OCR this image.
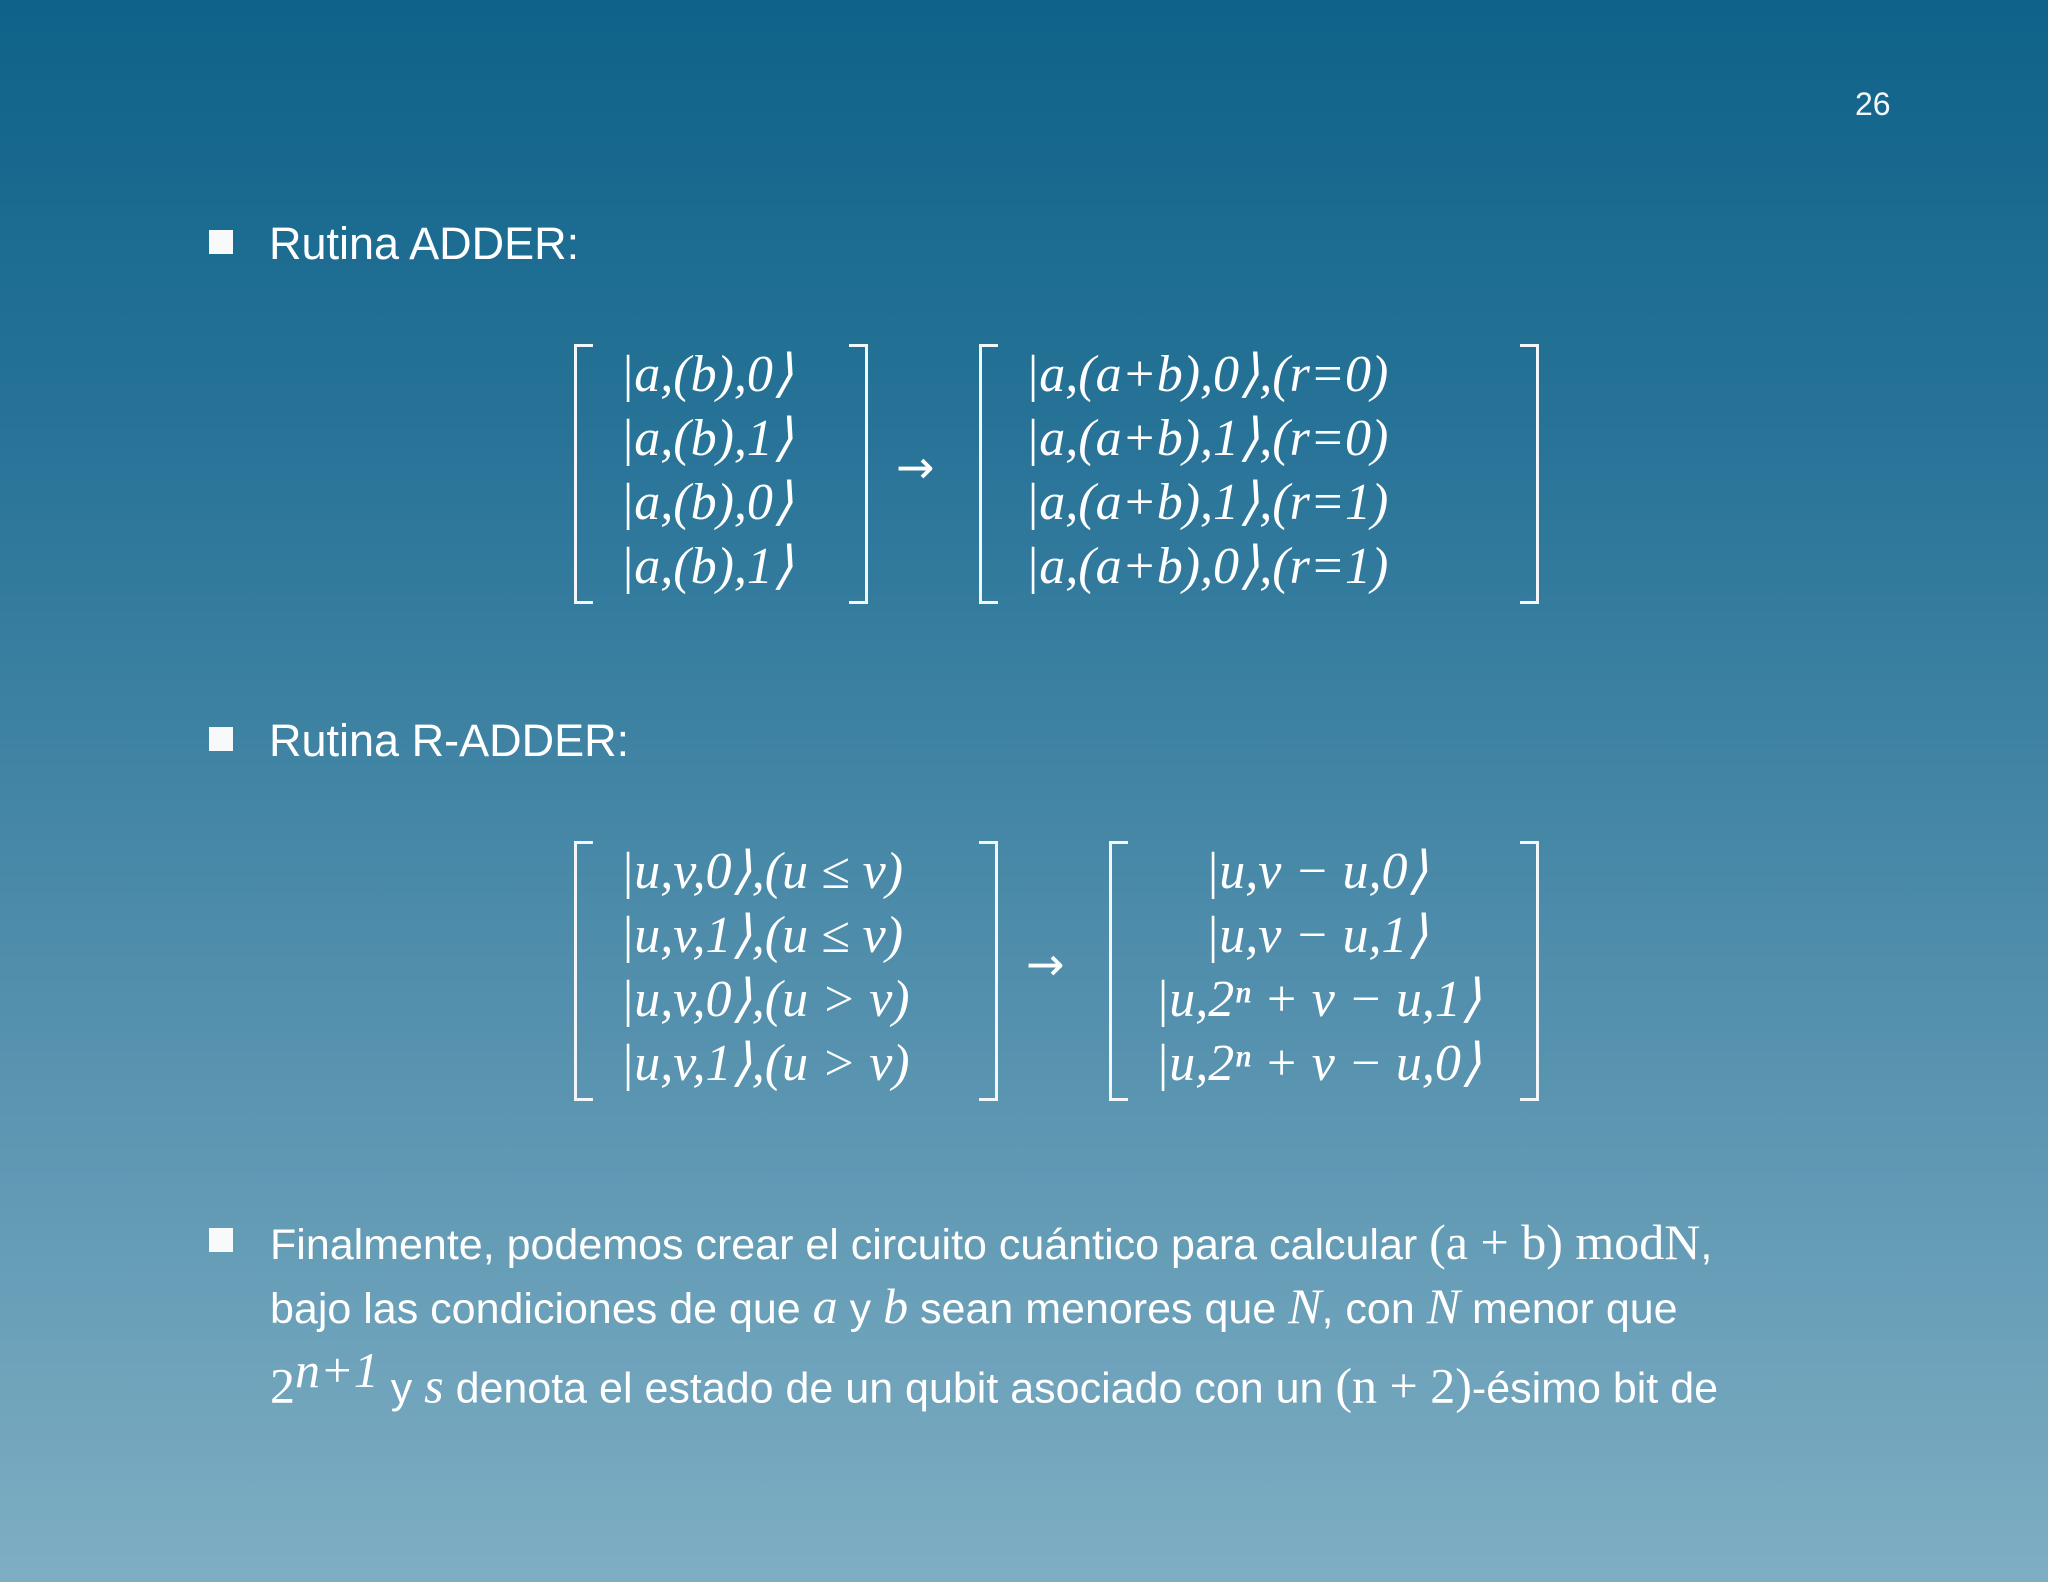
26
Rutina ADDER:
|a,(b),0⟩
|a,(b),1⟩
|a,(b),0⟩
|a,(b),1⟩
→
|a,(a+b),0⟩,(r=0)
|a,(a+b),1⟩,(r=0)
|a,(a+b),1⟩,(r=1)
|a,(a+b),0⟩,(r=1)
Rutina R-ADDER:
|u,v,0⟩,(u ≤ v)
|u,v,1⟩,(u ≤ v)
|u,v,0⟩,(u > v)
|u,v,1⟩,(u > v)
→
|u,v − u,0⟩
|u,v − u,1⟩
|u,2ⁿ + v − u,1⟩
|u,2ⁿ + v − u,0⟩
Finalmente, podemos crear el circuito cuántico para calcular (a + b) modN,
bajo las condiciones de que a y b sean menores que N, con N menor que
$2^{n+1}$ y s denota el estado de un qubit asociado con un (n + 2)-ésimo bit de
